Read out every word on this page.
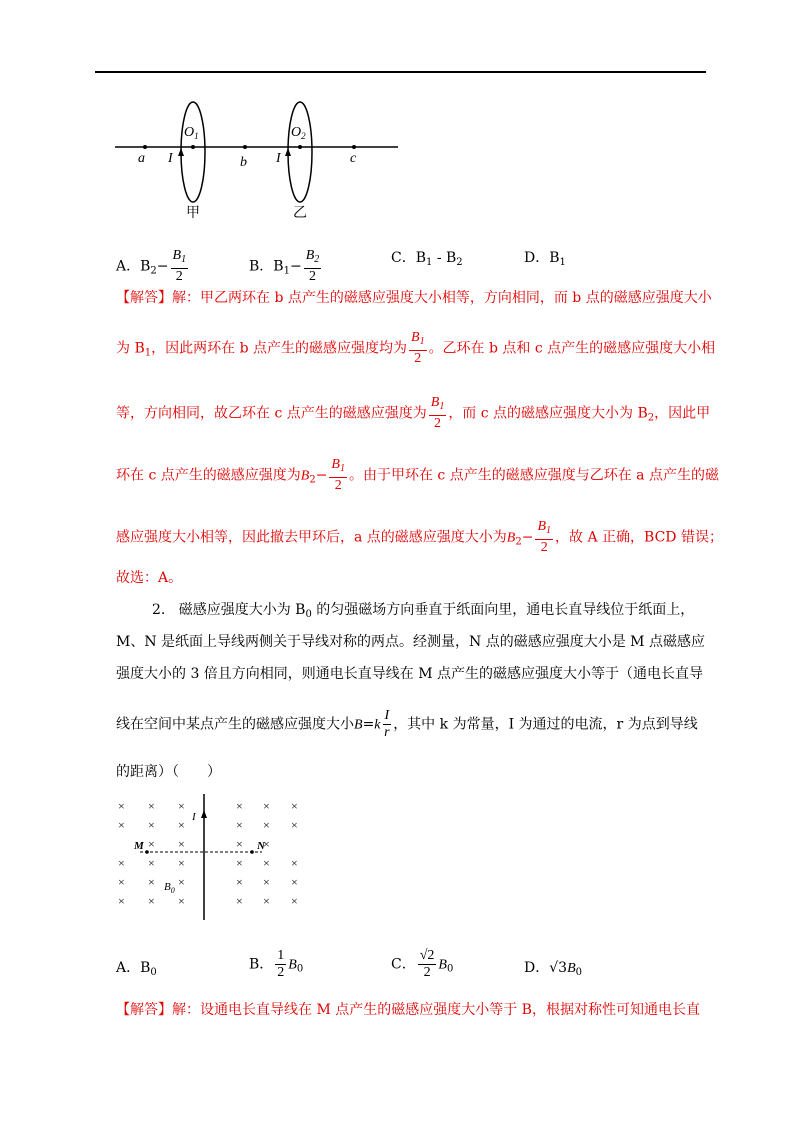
a I	b I	c
$O_1$	$O_2$
甲	乙
A．$B_2- \frac{B_1}{2}$	B．$B_1- \frac{B_2}{2}$	C．$B_1 - B_2$	D．$B_1$
【解答】解：甲乙两环在 b 点产生的磁感应强度大小相等，方向相同，而 b 点的磁感应强度大小
为 $B_1$，因此两环在 b 点产生的磁感应强度均为 $\frac{B_1}{2}$ 。乙环在 b 点和 c 点产生的磁感应强度大小相
等，方向相同，故乙环在 c 点产生的磁感应强度为 $\frac{B_1}{2}$ ，而 c 点的磁感应强度大小为 $B_2$，因此甲
环在 c 点产生的磁感应强度为$B_2- \frac{B_1}{2}$ 。由于甲环在 c 点产生的磁感应强度与乙环在 a 点产生的磁
感应强度大小相等，因此撤去甲环后，a 点的磁感应强度大小为$B_2- \frac{B_1}{2}$ ，故 A 正确，BCD 错误；
故选：A。
2. 磁感应强度大小为 $B_0$ 的匀强磁场方向垂直于纸面向里，通电长直导线位于纸面上，
M、N 是纸面上导线两侧关于导线对称的两点。经测量，N 点的磁感应强度大小是 M 点磁感应
强度大小的 3 倍且方向相同，则通电长直导线在 M 点产生的磁感应强度大小等于（通电长直导
线在空间中某点产生的磁感应强度大小$B=k \frac{I}{r}$ ，其中 k 为常量，I 为通过的电流，r 为点到导线
的距离）（　　）
× × ×	× × ×
× × ×	× × ×
× ×	× ×
× × ×	× × ×
× × ×	× × ×
× × ×	× × ×
I
M	N
$B_0$
A．$B_0$	B． $\frac{1}{2} B_0$	C． $\frac{√2}{2} B_0$	D．$√3B_0$
【解答】解：设通电长直导线在 M 点产生的磁感应强度大小等于 B，根据对称性可知通电长直
